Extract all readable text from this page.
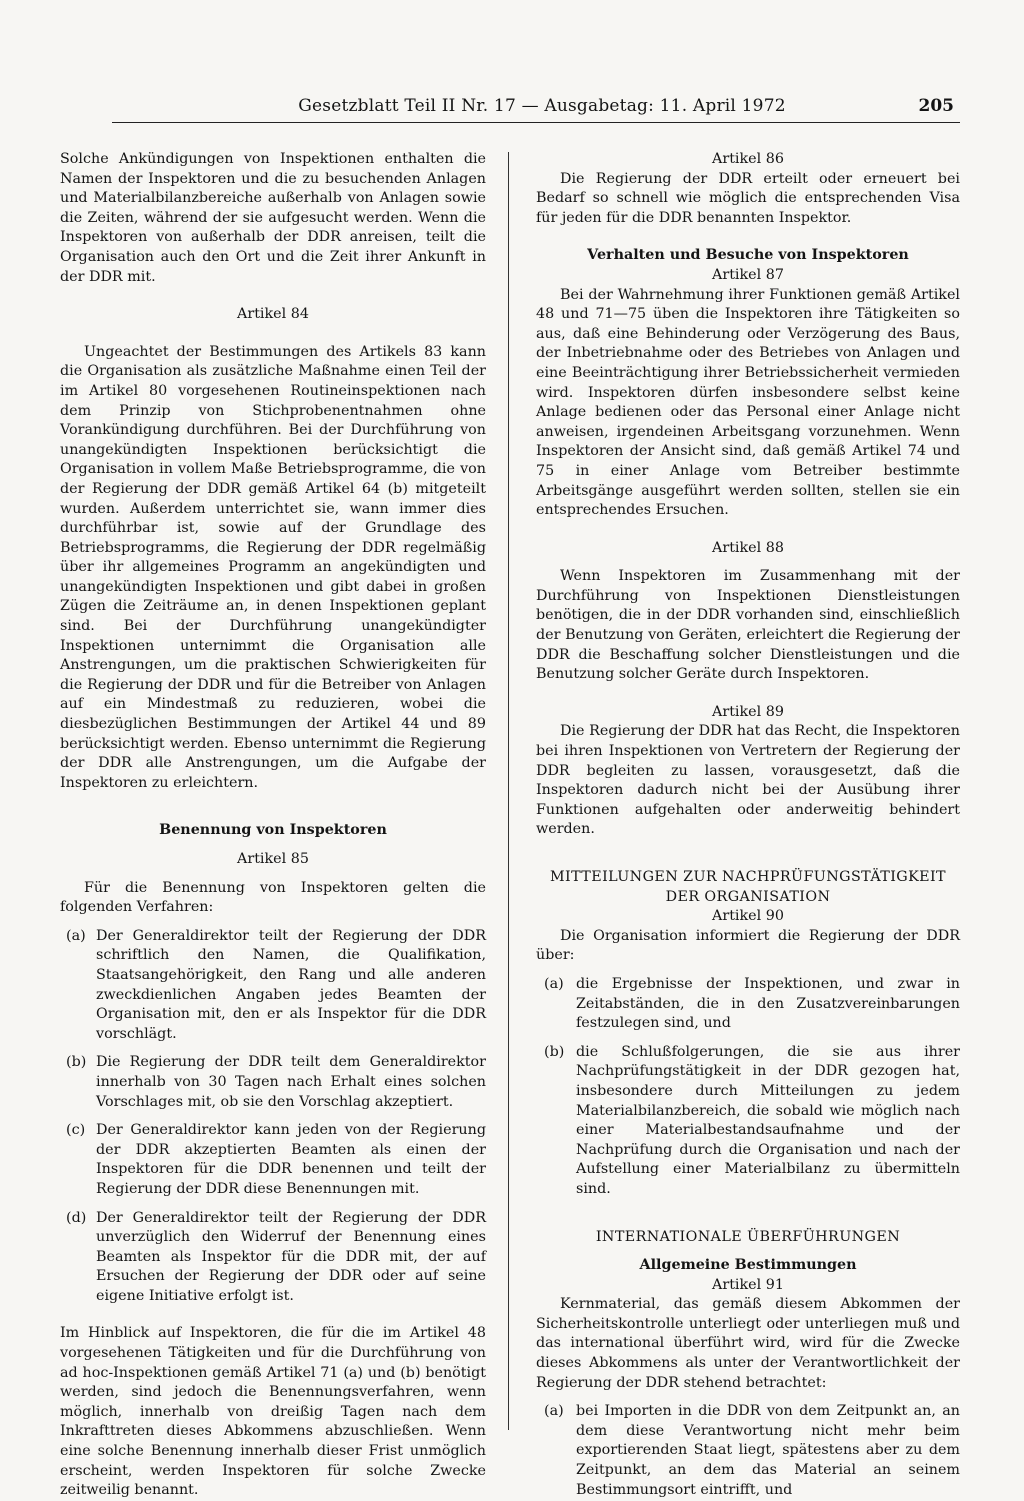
Gesetzblatt Teil II Nr. 17 — Ausgabetag: 11. April 1972	205

Solche Ankündigungen von Inspektionen enthalten die Namen der Inspektoren und die zu besuchenden Anlagen und Materialbilanzbereiche außerhalb von Anlagen sowie die Zeiten, während der sie aufgesucht werden. Wenn die Inspektoren von außerhalb der DDR anreisen, teilt die Organisation auch den Ort und die Zeit ihrer Ankunft in der DDR mit.

Artikel 84

Ungeachtet der Bestimmungen des Artikels 83 kann die Organisation als zusätzliche Maßnahme einen Teil der im Artikel 80 vorgesehenen Routineinspektionen nach dem Prinzip von Stichprobenentnahmen ohne Vorankündigung durchführen. Bei der Durchführung von unangekündigten Inspektionen berücksichtigt die Organisation in vollem Maße Betriebsprogramme, die von der Regierung der DDR gemäß Artikel 64 (b) mitgeteilt wurden. Außerdem unterrichtet sie, wann immer dies durchführbar ist, sowie auf der Grundlage des Betriebsprogramms, die Regierung der DDR regelmäßig über ihr allgemeines Programm an angekündigten und unangekündigten Inspektionen und gibt dabei in großen Zügen die Zeiträume an, in denen Inspektionen geplant sind. Bei der Durchführung unangekündigter Inspektionen unternimmt die Organisation alle Anstrengungen, um die praktischen Schwierigkeiten für die Regierung der DDR und für die Betreiber von Anlagen auf ein Mindestmaß zu reduzieren, wobei die diesbezüglichen Bestimmungen der Artikel 44 und 89 berücksichtigt werden. Ebenso unternimmt die Regierung der DDR alle Anstrengungen, um die Aufgabe der Inspektoren zu erleichtern.

Benennung von Inspektoren

Artikel 85

Für die Benennung von Inspektoren gelten die folgenden Verfahren:

(a) Der Generaldirektor teilt der Regierung der DDR schriftlich den Namen, die Qualifikation, Staatsangehörigkeit, den Rang und alle anderen zweckdienlichen Angaben jedes Beamten der Organisation mit, den er als Inspektor für die DDR vorschlägt.

(b) Die Regierung der DDR teilt dem Generaldirektor innerhalb von 30 Tagen nach Erhalt eines solchen Vorschlages mit, ob sie den Vorschlag akzeptiert.

(c) Der Generaldirektor kann jeden von der Regierung der DDR akzeptierten Beamten als einen der Inspektoren für die DDR benennen und teilt der Regierung der DDR diese Benennungen mit.

(d) Der Generaldirektor teilt der Regierung der DDR unverzüglich den Widerruf der Benennung eines Beamten als Inspektor für die DDR mit, der auf Ersuchen der Regierung der DDR oder auf seine eigene Initiative erfolgt ist.

Im Hinblick auf Inspektoren, die für die im Artikel 48 vorgesehenen Tätigkeiten und für die Durchführung von ad hoc-Inspektionen gemäß Artikel 71 (a) und (b) benötigt werden, sind jedoch die Benennungsverfahren, wenn möglich, innerhalb von dreißig Tagen nach dem Inkrafttreten dieses Abkommens abzuschließen. Wenn eine solche Benennung innerhalb dieser Frist unmöglich erscheint, werden Inspektoren für solche Zwecke zeitweilig benannt.

Artikel 86

Die Regierung der DDR erteilt oder erneuert bei Bedarf so schnell wie möglich die entsprechenden Visa für jeden für die DDR benannten Inspektor.

Verhalten und Besuche von Inspektoren

Artikel 87

Bei der Wahrnehmung ihrer Funktionen gemäß Artikel 48 und 71—75 üben die Inspektoren ihre Tätigkeiten so aus, daß eine Behinderung oder Verzögerung des Baus, der Inbetriebnahme oder des Betriebes von Anlagen und eine Beeinträchtigung ihrer Betriebssicherheit vermieden wird. Inspektoren dürfen insbesondere selbst keine Anlage bedienen oder das Personal einer Anlage nicht anweisen, irgendeinen Arbeitsgang vorzunehmen. Wenn Inspektoren der Ansicht sind, daß gemäß Artikel 74 und 75 in einer Anlage vom Betreiber bestimmte Arbeitsgänge ausgeführt werden sollten, stellen sie ein entsprechendes Ersuchen.

Artikel 88

Wenn Inspektoren im Zusammenhang mit der Durchführung von Inspektionen Dienstleistungen benötigen, die in der DDR vorhanden sind, einschließlich der Benutzung von Geräten, erleichtert die Regierung der DDR die Beschaffung solcher Dienstleistungen und die Benutzung solcher Geräte durch Inspektoren.

Artikel 89

Die Regierung der DDR hat das Recht, die Inspektoren bei ihren Inspektionen von Vertretern der Regierung der DDR begleiten zu lassen, vorausgesetzt, daß die Inspektoren dadurch nicht bei der Ausübung ihrer Funktionen aufgehalten oder anderweitig behindert werden.

MITTEILUNGEN ZUR NACHPRÜFUNGSTÄTIGKEIT

DER ORGANISATION

Artikel 90

Die Organisation informiert die Regierung der DDR über:

(a) die Ergebnisse der Inspektionen, und zwar in Zeitabständen, die in den Zusatzvereinbarungen festzulegen sind, und

(b) die Schlußfolgerungen, die sie aus ihrer Nachprüfungstätigkeit in der DDR gezogen hat, insbesondere durch Mitteilungen zu jedem Materialbilanzbereich, die sobald wie möglich nach einer Materialbestandsaufnahme und der Nachprüfung durch die Organisation und nach der Aufstellung einer Materialbilanz zu übermitteln sind.

INTERNATIONALE ÜBERFÜHRUNGEN

Allgemeine Bestimmungen

Artikel 91

Kernmaterial, das gemäß diesem Abkommen der Sicherheitskontrolle unterliegt oder unterliegen muß und das international überführt wird, wird für die Zwecke dieses Abkommens als unter der Verantwortlichkeit der Regierung der DDR stehend betrachtet:

(a) bei Importen in die DDR von dem Zeitpunkt an, an dem diese Verantwortung nicht mehr beim exportierenden Staat liegt, spätestens aber zu dem Zeitpunkt, an dem das Material an seinem Bestimmungsort eintrifft, und
